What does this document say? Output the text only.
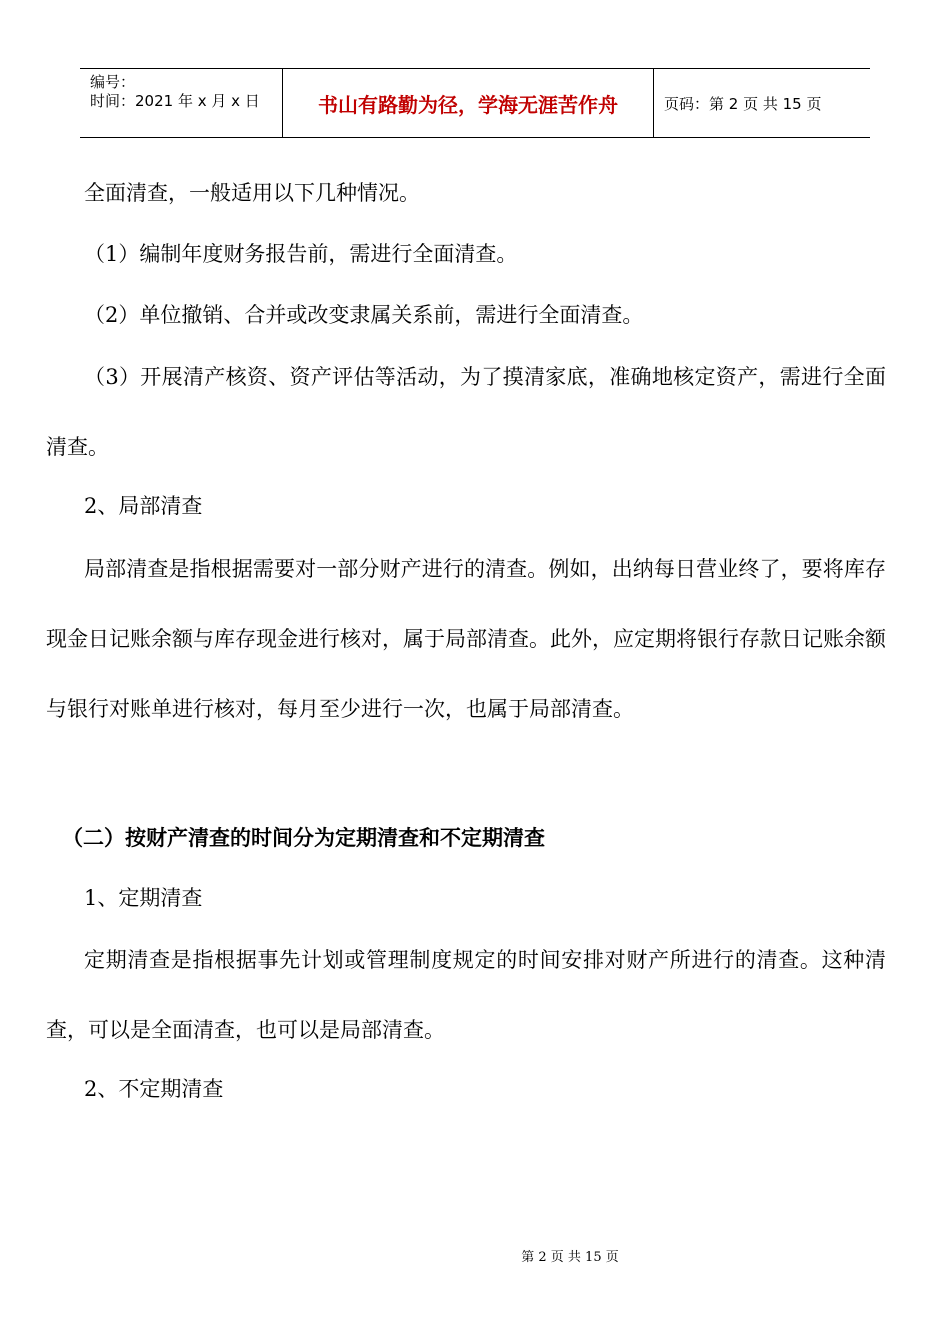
编号：
时间：2021 年 x 月 x 日	书山有路勤为径，学海无涯苦作舟	页码：第 2 页 共 15 页

全面清查，一般适用以下几种情况。

（1）编制年度财务报告前，需进行全面清查。

（2）单位撤销、合并或改变隶属关系前，需进行全面清查。

（3）开展清产核资、资产评估等活动，为了摸清家底，准确地核定资产，需进行全面清查。

2、局部清查

局部清查是指根据需要对一部分财产进行的清查。例如，出纳每日营业终了，要将库存现金日记账余额与库存现金进行核对，属于局部清查。此外，应定期将银行存款日记账余额与银行对账单进行核对，每月至少进行一次，也属于局部清查。

（二）按财产清查的时间分为定期清查和不定期清查

1、定期清查

定期清查是指根据事先计划或管理制度规定的时间安排对财产所进行的清查。这种清查，可以是全面清查，也可以是局部清查。

2、不定期清查

第 2 页 共 15 页
